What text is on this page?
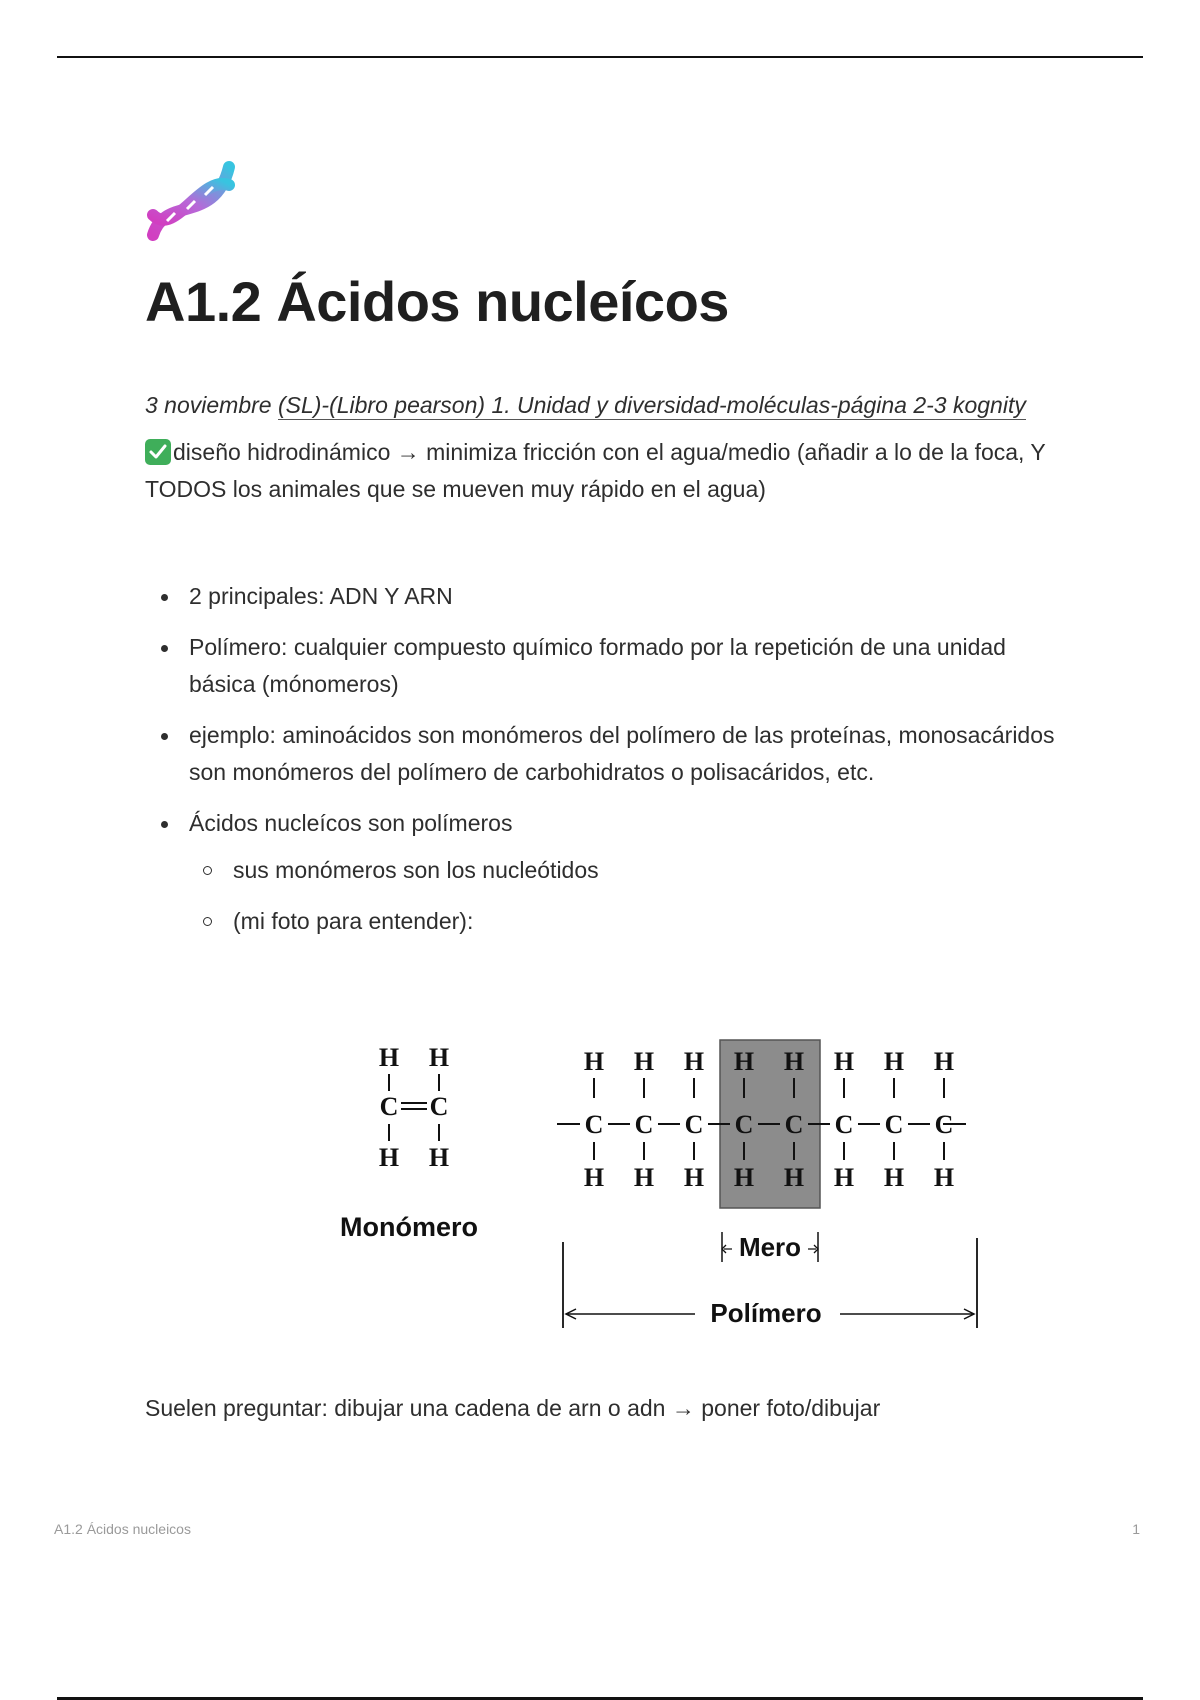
A1.2 Ácidos nucleícos
3 noviembre (SL)-(Libro pearson) 1. Unidad y diversidad-moléculas-página 2-3 kognity
diseño hidrodinámico → minimiza fricción con el agua/medio (añadir a lo de la foca, Y TODOS los animales que se mueven muy rápido en el agua)
2 principales: ADN Y ARN
Polímero: cualquier compuesto químico formado por la repetición de una unidad básica (mónomeros)
ejemplo: aminoácidos son monómeros del polímero de las proteínas, monosacáridos son monómeros del polímero de carbohidratos o polisacáridos, etc.
Ácidos nucleícos son polímeros
sus monómeros son los nucleótidos
(mi foto para entender):
H H
C C
H H
Monómero
H
C
H
H
C
H
H
C
H
H
C
H
H
C
H
H
C
H
H
C
H
H
C
H
Mero
Polímero
Suelen preguntar: dibujar una cadena de arn o adn → poner foto/dibujar
A1.2 Ácidos nucleicos	1
